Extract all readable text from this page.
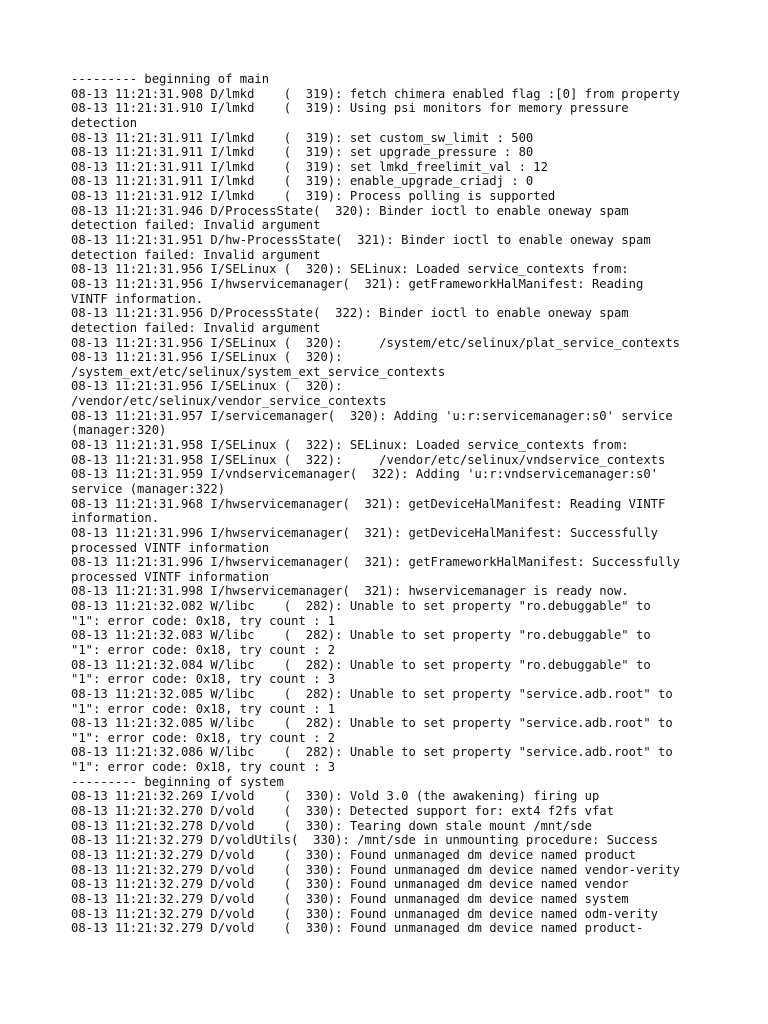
--------- beginning of main
08-13 11:21:31.908 D/lmkd    (  319): fetch chimera enabled flag :[0] from property
08-13 11:21:31.910 I/lmkd    (  319): Using psi monitors for memory pressure
detection
08-13 11:21:31.911 I/lmkd    (  319): set custom_sw_limit : 500
08-13 11:21:31.911 I/lmkd    (  319): set upgrade_pressure : 80
08-13 11:21:31.911 I/lmkd    (  319): set lmkd_freelimit_val : 12
08-13 11:21:31.911 I/lmkd    (  319): enable_upgrade_criadj : 0
08-13 11:21:31.912 I/lmkd    (  319): Process polling is supported
08-13 11:21:31.946 D/ProcessState(  320): Binder ioctl to enable oneway spam
detection failed: Invalid argument
08-13 11:21:31.951 D/hw-ProcessState(  321): Binder ioctl to enable oneway spam
detection failed: Invalid argument
08-13 11:21:31.956 I/SELinux (  320): SELinux: Loaded service_contexts from:
08-13 11:21:31.956 I/hwservicemanager(  321): getFrameworkHalManifest: Reading
VINTF information.
08-13 11:21:31.956 D/ProcessState(  322): Binder ioctl to enable oneway spam
detection failed: Invalid argument
08-13 11:21:31.956 I/SELinux (  320):     /system/etc/selinux/plat_service_contexts
08-13 11:21:31.956 I/SELinux (  320):
/system_ext/etc/selinux/system_ext_service_contexts
08-13 11:21:31.956 I/SELinux (  320):
/vendor/etc/selinux/vendor_service_contexts
08-13 11:21:31.957 I/servicemanager(  320): Adding 'u:r:servicemanager:s0' service
(manager:320)
08-13 11:21:31.958 I/SELinux (  322): SELinux: Loaded service_contexts from:
08-13 11:21:31.958 I/SELinux (  322):     /vendor/etc/selinux/vndservice_contexts
08-13 11:21:31.959 I/vndservicemanager(  322): Adding 'u:r:vndservicemanager:s0'
service (manager:322)
08-13 11:21:31.968 I/hwservicemanager(  321): getDeviceHalManifest: Reading VINTF
information.
08-13 11:21:31.996 I/hwservicemanager(  321): getDeviceHalManifest: Successfully
processed VINTF information
08-13 11:21:31.996 I/hwservicemanager(  321): getFrameworkHalManifest: Successfully
processed VINTF information
08-13 11:21:31.998 I/hwservicemanager(  321): hwservicemanager is ready now.
08-13 11:21:32.082 W/libc    (  282): Unable to set property "ro.debuggable" to
"1": error code: 0x18, try count : 1
08-13 11:21:32.083 W/libc    (  282): Unable to set property "ro.debuggable" to
"1": error code: 0x18, try count : 2
08-13 11:21:32.084 W/libc    (  282): Unable to set property "ro.debuggable" to
"1": error code: 0x18, try count : 3
08-13 11:21:32.085 W/libc    (  282): Unable to set property "service.adb.root" to
"1": error code: 0x18, try count : 1
08-13 11:21:32.085 W/libc    (  282): Unable to set property "service.adb.root" to
"1": error code: 0x18, try count : 2
08-13 11:21:32.086 W/libc    (  282): Unable to set property "service.adb.root" to
"1": error code: 0x18, try count : 3
--------- beginning of system
08-13 11:21:32.269 I/vold    (  330): Vold 3.0 (the awakening) firing up
08-13 11:21:32.270 D/vold    (  330): Detected support for: ext4 f2fs vfat
08-13 11:21:32.278 D/vold    (  330): Tearing down stale mount /mnt/sde
08-13 11:21:32.279 D/voldUtils(  330): /mnt/sde in unmounting procedure: Success
08-13 11:21:32.279 D/vold    (  330): Found unmanaged dm device named product
08-13 11:21:32.279 D/vold    (  330): Found unmanaged dm device named vendor-verity
08-13 11:21:32.279 D/vold    (  330): Found unmanaged dm device named vendor
08-13 11:21:32.279 D/vold    (  330): Found unmanaged dm device named system
08-13 11:21:32.279 D/vold    (  330): Found unmanaged dm device named odm-verity
08-13 11:21:32.279 D/vold    (  330): Found unmanaged dm device named product-
